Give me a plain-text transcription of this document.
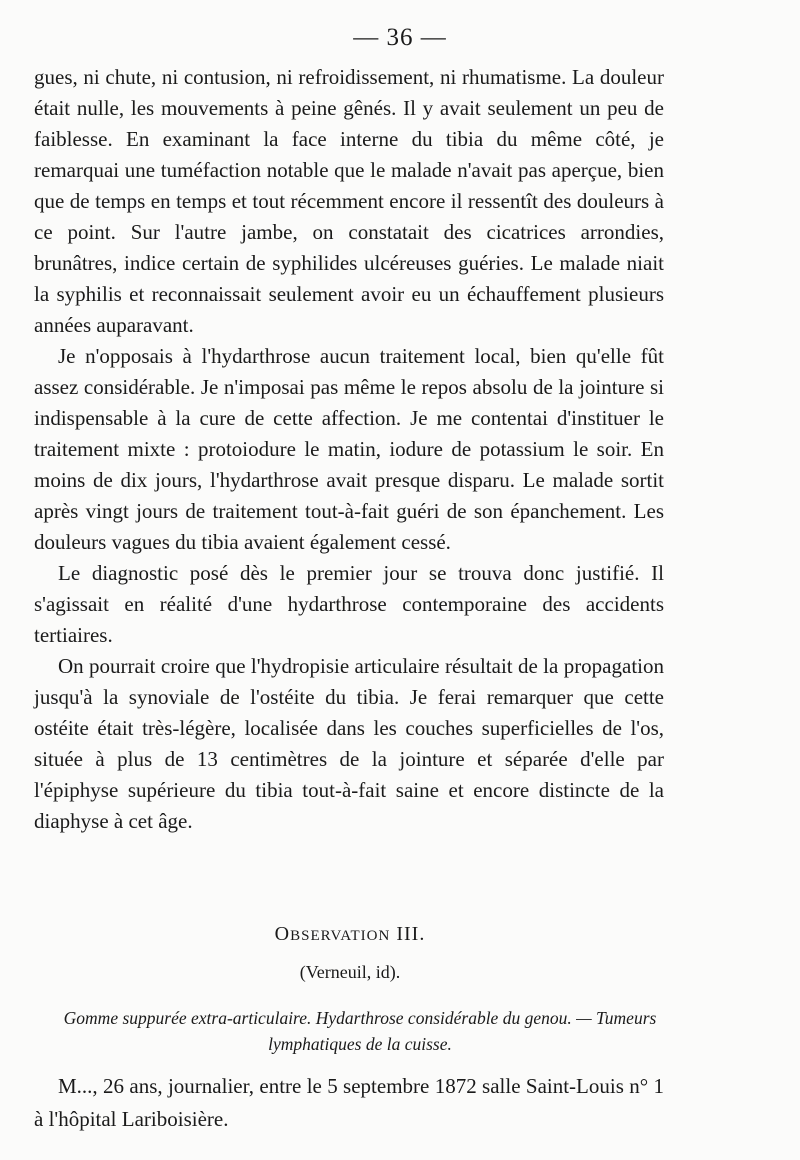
— 36 —

gues, ni chute, ni contusion, ni refroidissement, ni rhumatisme. La douleur était nulle, les mouvements à peine gênés. Il y avait seulement un peu de faiblesse. En examinant la face interne du tibia du même côté, je remarquai une tuméfaction notable que le malade n'avait pas aperçue, bien que de temps en temps et tout récemment encore il ressentît des douleurs à ce point. Sur l'autre jambe, on constatait des cicatrices arrondies, brunâtres, indice certain de syphilides ulcéreuses guéries. Le malade niait la syphilis et reconnaissait seulement avoir eu un échauffement plusieurs années auparavant.

Je n'opposais à l'hydarthrose aucun traitement local, bien qu'elle fût assez considérable. Je n'imposai pas même le repos absolu de la jointure si indispensable à la cure de cette affection. Je me contentai d'instituer le traitement mixte : protoiodure le matin, iodure de potassium le soir. En moins de dix jours, l'hydarthrose avait presque disparu. Le malade sortit après vingt jours de traitement tout-à-fait guéri de son épanchement. Les douleurs vagues du tibia avaient également cessé.

Le diagnostic posé dès le premier jour se trouva donc justifié. Il s'agissait en réalité d'une hydarthrose contemporaine des accidents tertiaires.

On pourrait croire que l'hydropisie articulaire résultait de la propagation jusqu'à la synoviale de l'ostéite du tibia. Je ferai remarquer que cette ostéite était très-légère, localisée dans les couches superficielles de l'os, située à plus de 13 centimètres de la jointure et séparée d'elle par l'épiphyse supérieure du tibia tout-à-fait saine et encore distincte de la diaphyse à cet âge.

OBSERVATION III.
(Verneuil, id).
Gomme suppurée extra-articulaire. Hydarthrose considérable du genou. — Tumeurs lymphatiques de la cuisse.

M..., 26 ans, journalier, entre le 5 septembre 1872 salle Saint-Louis n° 1 à l'hôpital Lariboisière.
